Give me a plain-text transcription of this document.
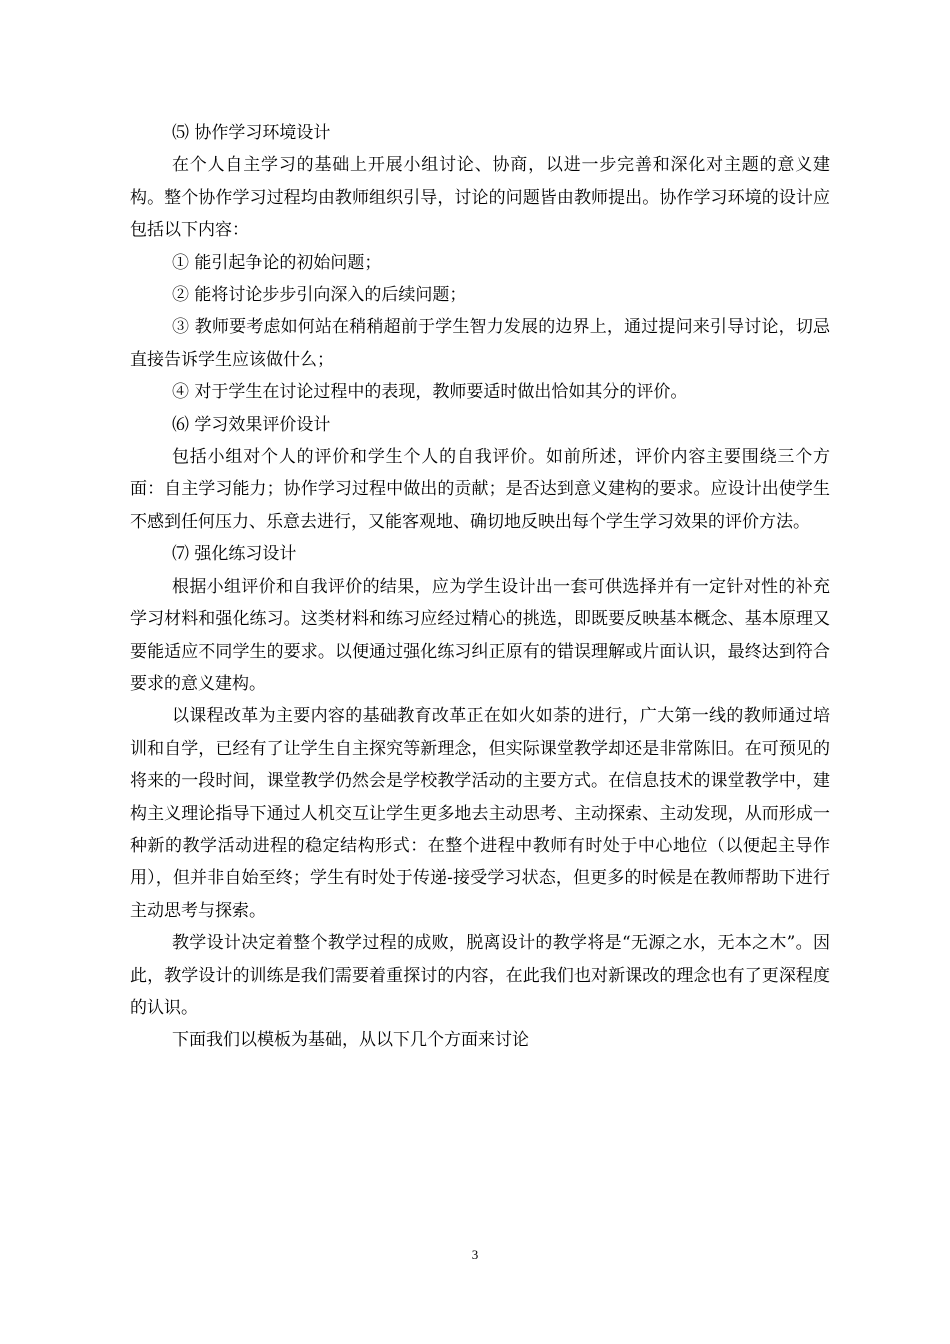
⑸ 协作学习环境设计

在个人自主学习的基础上开展小组讨论、协商，以进一步完善和深化对主题的意义建构。整个协作学习过程均由教师组织引导，讨论的问题皆由教师提出。协作学习环境的设计应包括以下内容：

① 能引起争论的初始问题；

② 能将讨论步步引向深入的后续问题；

③ 教师要考虑如何站在稍稍超前于学生智力发展的边界上，通过提问来引导讨论，切忌直接告诉学生应该做什么；

④ 对于学生在讨论过程中的表现，教师要适时做出恰如其分的评价。

⑹ 学习效果评价设计

包括小组对个人的评价和学生个人的自我评价。如前所述，评价内容主要围绕三个方面：自主学习能力；协作学习过程中做出的贡献；是否达到意义建构的要求。应设计出使学生不感到任何压力、乐意去进行，又能客观地、确切地反映出每个学生学习效果的评价方法。

⑺ 强化练习设计

根据小组评价和自我评价的结果，应为学生设计出一套可供选择并有一定针对性的补充学习材料和强化练习。这类材料和练习应经过精心的挑选，即既要反映基本概念、基本原理又要能适应不同学生的要求。以便通过强化练习纠正原有的错误理解或片面认识，最终达到符合要求的意义建构。

以课程改革为主要内容的基础教育改革正在如火如荼的进行，广大第一线的教师通过培训和自学，已经有了让学生自主探究等新理念，但实际课堂教学却还是非常陈旧。在可预见的将来的一段时间，课堂教学仍然会是学校教学活动的主要方式。在信息技术的课堂教学中，建构主义理论指导下通过人机交互让学生更多地去主动思考、主动探索、主动发现，从而形成一种新的教学活动进程的稳定结构形式：在整个进程中教师有时处于中心地位（以便起主导作用），但并非自始至终；学生有时处于传递-接受学习状态，但更多的时候是在教师帮助下进行主动思考与探索。

教学设计决定着整个教学过程的成败，脱离设计的教学将是“无源之水，无本之木”。因此，教学设计的训练是我们需要着重探讨的内容，在此我们也对新课改的理念也有了更深程度的认识。

下面我们以模板为基础，从以下几个方面来讨论

3
